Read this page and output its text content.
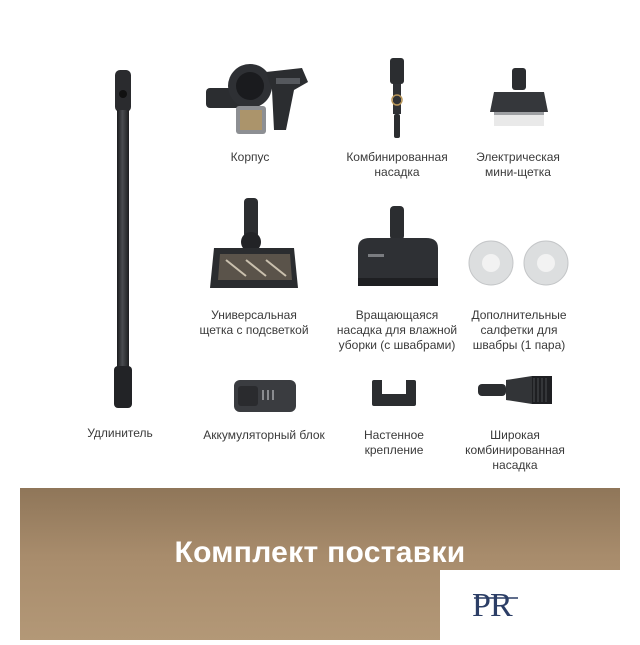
Удлинитель
Корпус	Комбинированная
насадка
Электрическая
мини-щетка
Универсальная
щетка с подсветкой
Вращающаяся
насадка для влажной
уборки (с швабрами)
Дополнительные
салфетки для
швабры (1 пара)
Аккумуляторный блок	Настенное
крепление
Широкая
комбинированная
насадка
Комплект поставки
P R
